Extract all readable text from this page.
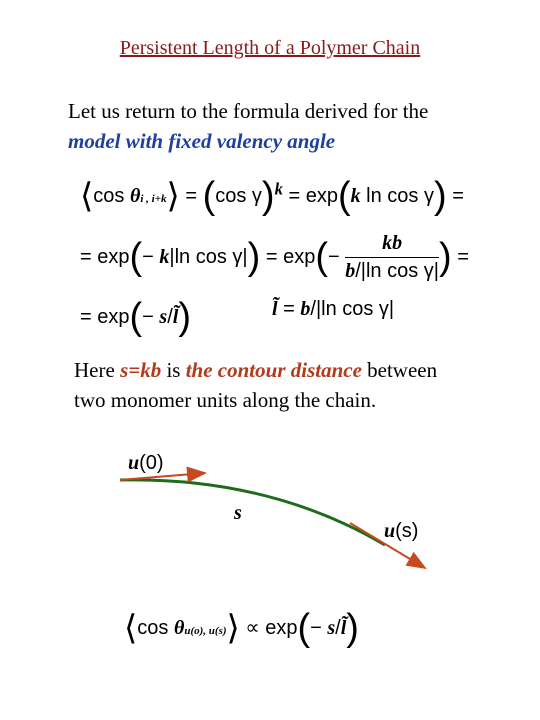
Persistent Length of a Polymer Chain
Let us return to the formula derived for the
model with fixed valency angle
⟨cos θi , i+k⟩ = (cos γ)$^k$ = exp(k ln cos γ) =
= exp(− k|ln $\cos \gamma|) = \exp(- \frac{kb}{\text{b/|ln cos γ|}}$ ) =
= exp(− s/l̃)	l̃ = b/|ln cos γ|
Here s=kb is the contour distance between
two monomer units along the chain.
u(0)
s
u(s)
⟨cos θu(o), u(s)⟩ ∝ exp(− s/l̃)
